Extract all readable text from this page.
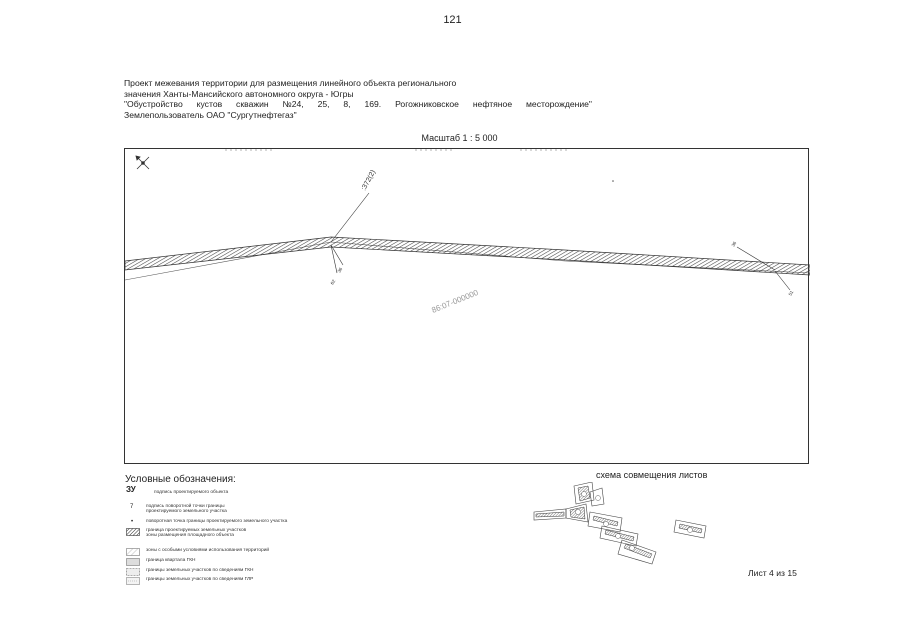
121
Проект межевания территории для размещения линейного объекта регионального
значения Ханты-Мансийского автономного округа - Югры
"Обустройство кустов скважин №24, 25, 8, 169. Рогожниковское нефтяное месторождение"
Землепользователь ОАО "Сургутнефтегаз"
Масштаб 1 : 5 000
:372(2)
86:07-000000
36
62
36
51
Условные обозначения:
ЗУ	подпись проектируемого объекта
7	подпись поворотной точки границы
проектируемого земельного участка
•	поворотная точка границы проектируемого земельного участка
граница проектируемых земельных участков
зоны размещения площадного объекта
зоны с особыми условиями использования территорий
граница квартала ГКН
границы земельных участков по сведениям ГКН
границы земельных участков по сведениям ГЛР
схема совмещения листов
Лист 4 из 15
